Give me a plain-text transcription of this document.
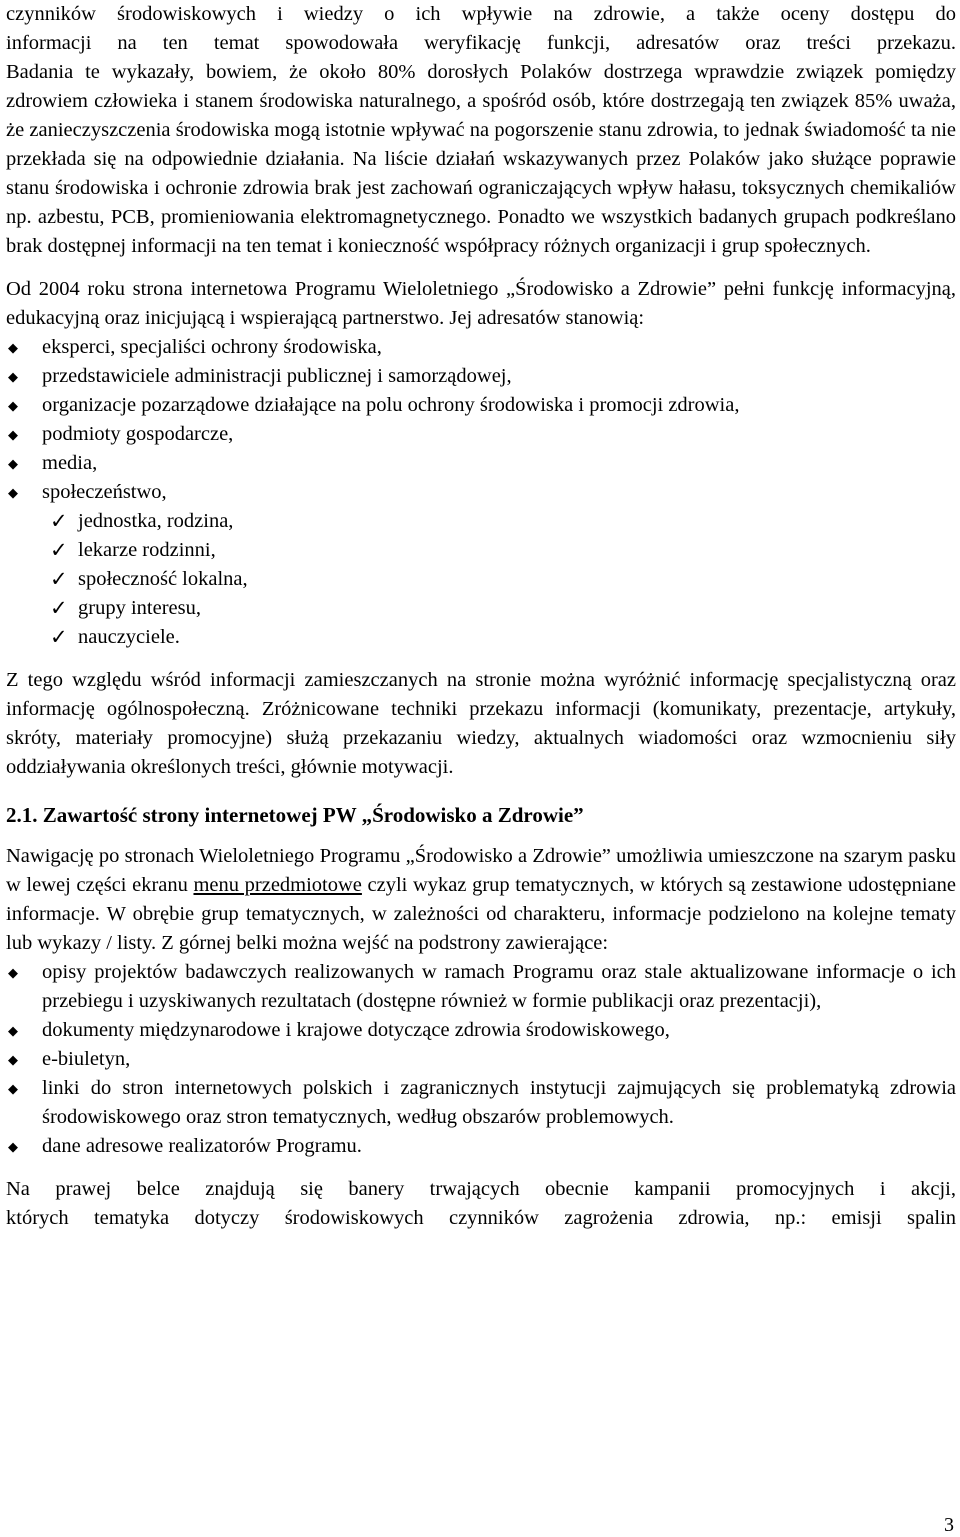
czynników środowiskowych i wiedzy o ich wpływie na zdrowie, a także oceny dostępu do
informacji na ten temat spowodowała weryfikację funkcji, adresatów oraz treści przekazu.
Badania te wykazały, bowiem, że około 80% dorosłych Polaków dostrzega wprawdzie związek pomiędzy zdrowiem człowieka i stanem środowiska naturalnego, a spośród osób, które dostrzegają ten związek 85% uważa, że zanieczyszczenia środowiska mogą istotnie wpływać na pogorszenie stanu zdrowia, to jednak świadomość ta nie przekłada się na odpowiednie działania. Na liście działań wskazywanych przez Polaków jako służące poprawie stanu środowiska i ochronie zdrowia brak jest zachowań ograniczających wpływ hałasu, toksycznych chemikaliów np. azbestu, PCB, promieniowania elektromagnetycznego. Ponadto we wszystkich badanych grupach podkreślano brak dostępnej informacji na ten temat i konieczność współpracy różnych organizacji i grup społecznych.

Od 2004 roku strona internetowa Programu Wieloletniego „Środowisko a Zdrowie” pełni funkcję informacyjną, edukacyjną oraz inicjującą i wspierającą partnerstwo. Jej adresatów stanowią:

◆ eksperci, specjaliści ochrony środowiska,
◆ przedstawiciele administracji publicznej i samorządowej,
◆ organizacje pozarządowe działające na polu ochrony środowiska i promocji zdrowia,
◆ podmioty gospodarcze,
◆ media,
◆ społeczeństwo,
✓ jednostka, rodzina,
✓ lekarze rodzinni,
✓ społeczność lokalna,
✓ grupy interesu,
✓ nauczyciele.

Z tego względu wśród informacji zamieszczanych na stronie można wyróżnić informację specjalistyczną oraz informację ogólnospołeczną. Zróżnicowane techniki przekazu informacji (komunikaty, prezentacje, artykuły, skróty, materiały promocyjne) służą przekazaniu wiedzy, aktualnych wiadomości oraz wzmocnieniu siły oddziaływania określonych treści, głównie motywacji.

2.1. Zawartość strony internetowej PW „Środowisko a Zdrowie”

Nawigację po stronach Wieloletniego Programu „Środowisko a Zdrowie” umożliwia umieszczone na szarym pasku w lewej części ekranu menu przedmiotowe czyli wykaz grup tematycznych, w których są zestawione udostępniane informacje. W obrębie grup tematycznych, w zależności od charakteru, informacje podzielono na kolejne tematy lub wykazy / listy. Z górnej belki można wejść na podstrony zawierające:

◆ opisy projektów badawczych realizowanych w ramach Programu oraz stale aktualizowane informacje o ich przebiegu i uzyskiwanych rezultatach (dostępne również w formie publikacji oraz prezentacji),
◆ dokumenty międzynarodowe i krajowe dotyczące zdrowia środowiskowego,
◆ e-biuletyn,
◆ linki do stron internetowych polskich i zagranicznych instytucji zajmujących się problematyką zdrowia środowiskowego oraz stron tematycznych, według obszarów problemowych.
◆ dane adresowe realizatorów Programu.

Na prawej belce znajdują się banery trwających obecnie kampanii promocyjnych i akcji,
których tematyka dotyczy środowiskowych czynników zagrożenia zdrowia, np.: emisji spalin

3
